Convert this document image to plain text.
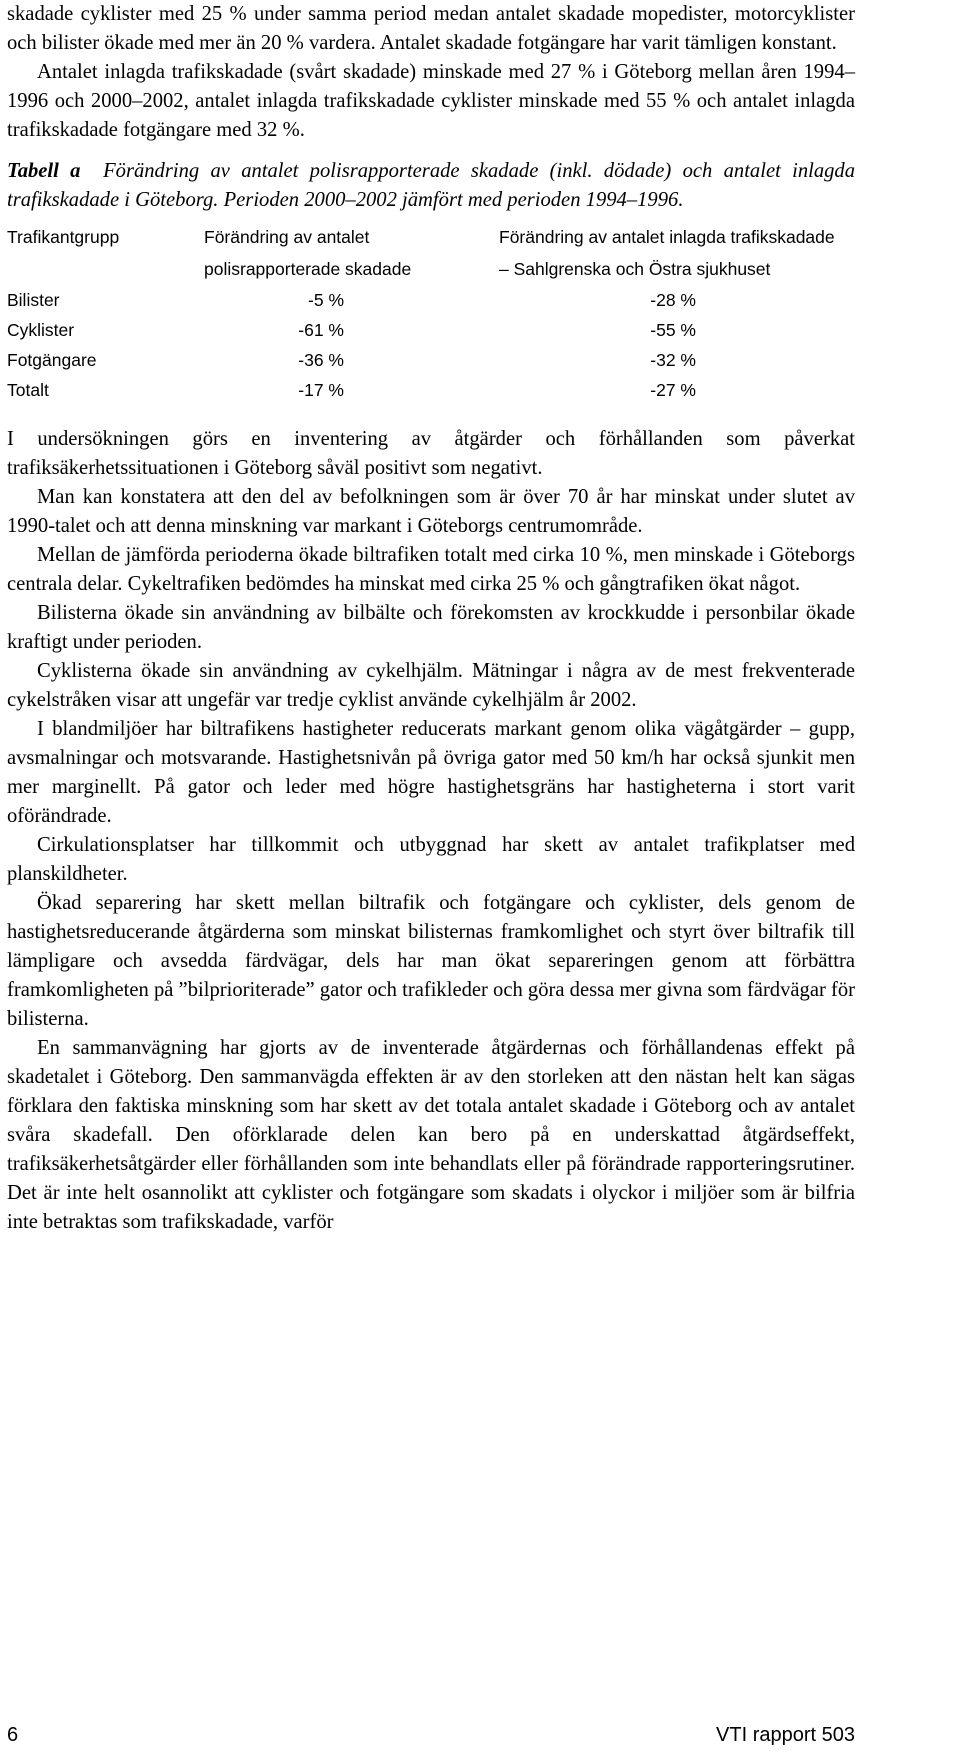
skadade cyklister med 25 % under samma period medan antalet skadade mopedister, motorcyklister och bilister ökade med mer än 20 % vardera. Antalet skadade fotgängare har varit tämligen konstant.

Antalet inlagda trafikskadade (svårt skadade) minskade med 27 % i Göteborg mellan åren 1994–1996 och 2000–2002, antalet inlagda trafikskadade cyklister minskade med 55 % och antalet inlagda trafikskadade fotgängare med 32 %.

Tabell a Förändring av antalet polisrapporterade skadade (inkl. dödade) och antalet inlagda trafikskadade i Göteborg. Perioden 2000–2002 jämfört med perioden 1994–1996.

Trafikantgrupp	Förändring av antalet polisrapporterade skadade	Förändring av antalet inlagda trafikskadade – Sahlgrenska och Östra sjukhuset
Bilister	-5 %	-28 %
Cyklister	-61 %	-55 %
Fotgängare	-36 %	-32 %
Totalt	-17 %	-27 %

I undersökningen görs en inventering av åtgärder och förhållanden som påverkat trafiksäkerhetssituationen i Göteborg såväl positivt som negativt.

Man kan konstatera att den del av befolkningen som är över 70 år har minskat under slutet av 1990-talet och att denna minskning var markant i Göteborgs centrumområde.

Mellan de jämförda perioderna ökade biltrafiken totalt med cirka 10 %, men minskade i Göteborgs centrala delar. Cykeltrafiken bedömdes ha minskat med cirka 25 % och gångtrafiken ökat något.

Bilisterna ökade sin användning av bilbälte och förekomsten av krockkudde i personbilar ökade kraftigt under perioden.

Cyklisterna ökade sin användning av cykelhjälm. Mätningar i några av de mest frekventerade cykelstråken visar att ungefär var tredje cyklist använde cykelhjälm år 2002.

I blandmiljöer har biltrafikens hastigheter reducerats markant genom olika vägåtgärder – gupp, avsmalningar och motsvarande. Hastighetsnivån på övriga gator med 50 km/h har också sjunkit men mer marginellt. På gator och leder med högre hastighetsgräns har hastigheterna i stort varit oförändrade.

Cirkulationsplatser har tillkommit och utbyggnad har skett av antalet trafikplatser med planskildheter.

Ökad separering har skett mellan biltrafik och fotgängare och cyklister, dels genom de hastighetsreducerande åtgärderna som minskat bilisternas framkomlighet och styrt över biltrafik till lämpligare och avsedda färdvägar, dels har man ökat separeringen genom att förbättra framkomligheten på ”bilprioriterade” gator och trafikleder och göra dessa mer givna som färdvägar för bilisterna.

En sammanvägning har gjorts av de inventerade åtgärdernas och förhållandenas effekt på skadetalet i Göteborg. Den sammanvägda effekten är av den storleken att den nästan helt kan sägas förklara den faktiska minskning som har skett av det totala antalet skadade i Göteborg och av antalet svåra skadefall. Den oförklarade delen kan bero på en underskattad åtgärdseffekt, trafiksäkerhetsåtgärder eller förhållanden som inte behandlats eller på förändrade rapporteringsrutiner. Det är inte helt osannolikt att cyklister och fotgängare som skadats i olyckor i miljöer som är bilfria inte betraktas som trafikskadade, varför

6	VTI rapport 503
